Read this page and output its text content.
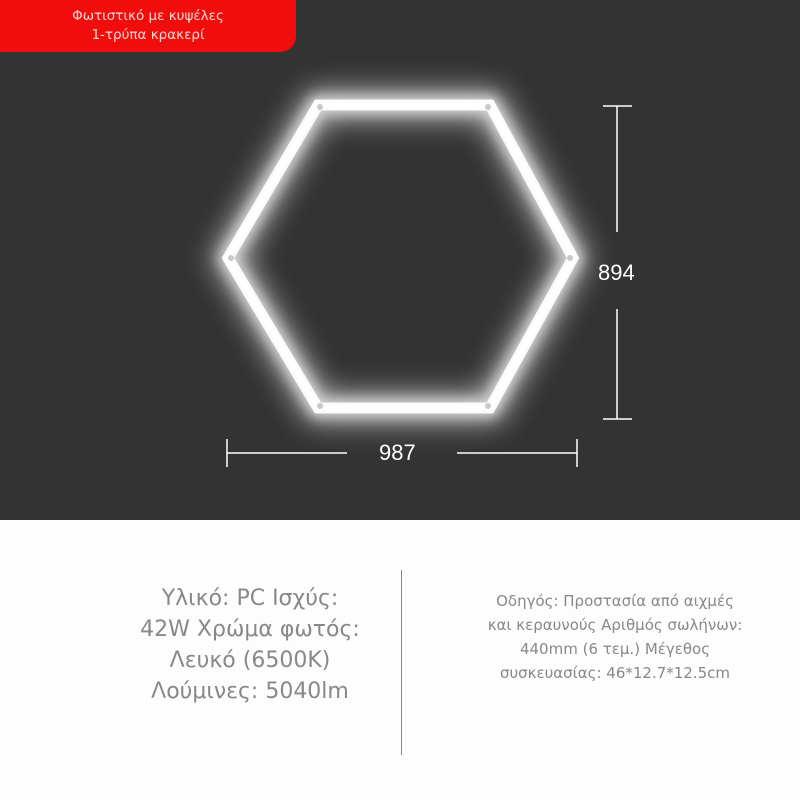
894
987
Φωτιστικό με κυψέλες
1-τρύπα κρακερί
Υλικό: PC Ισχύς:
42W Χρώμα φωτός:
Λευκό (6500K)
Λούμινες: 5040lm
Οδηγός: Προστασία από αιχμές
και κεραυνούς Αριθμός σωλήνων:
440mm (6 τεμ.) Μέγεθος
συσκευασίας: 46*12.7*12.5cm
